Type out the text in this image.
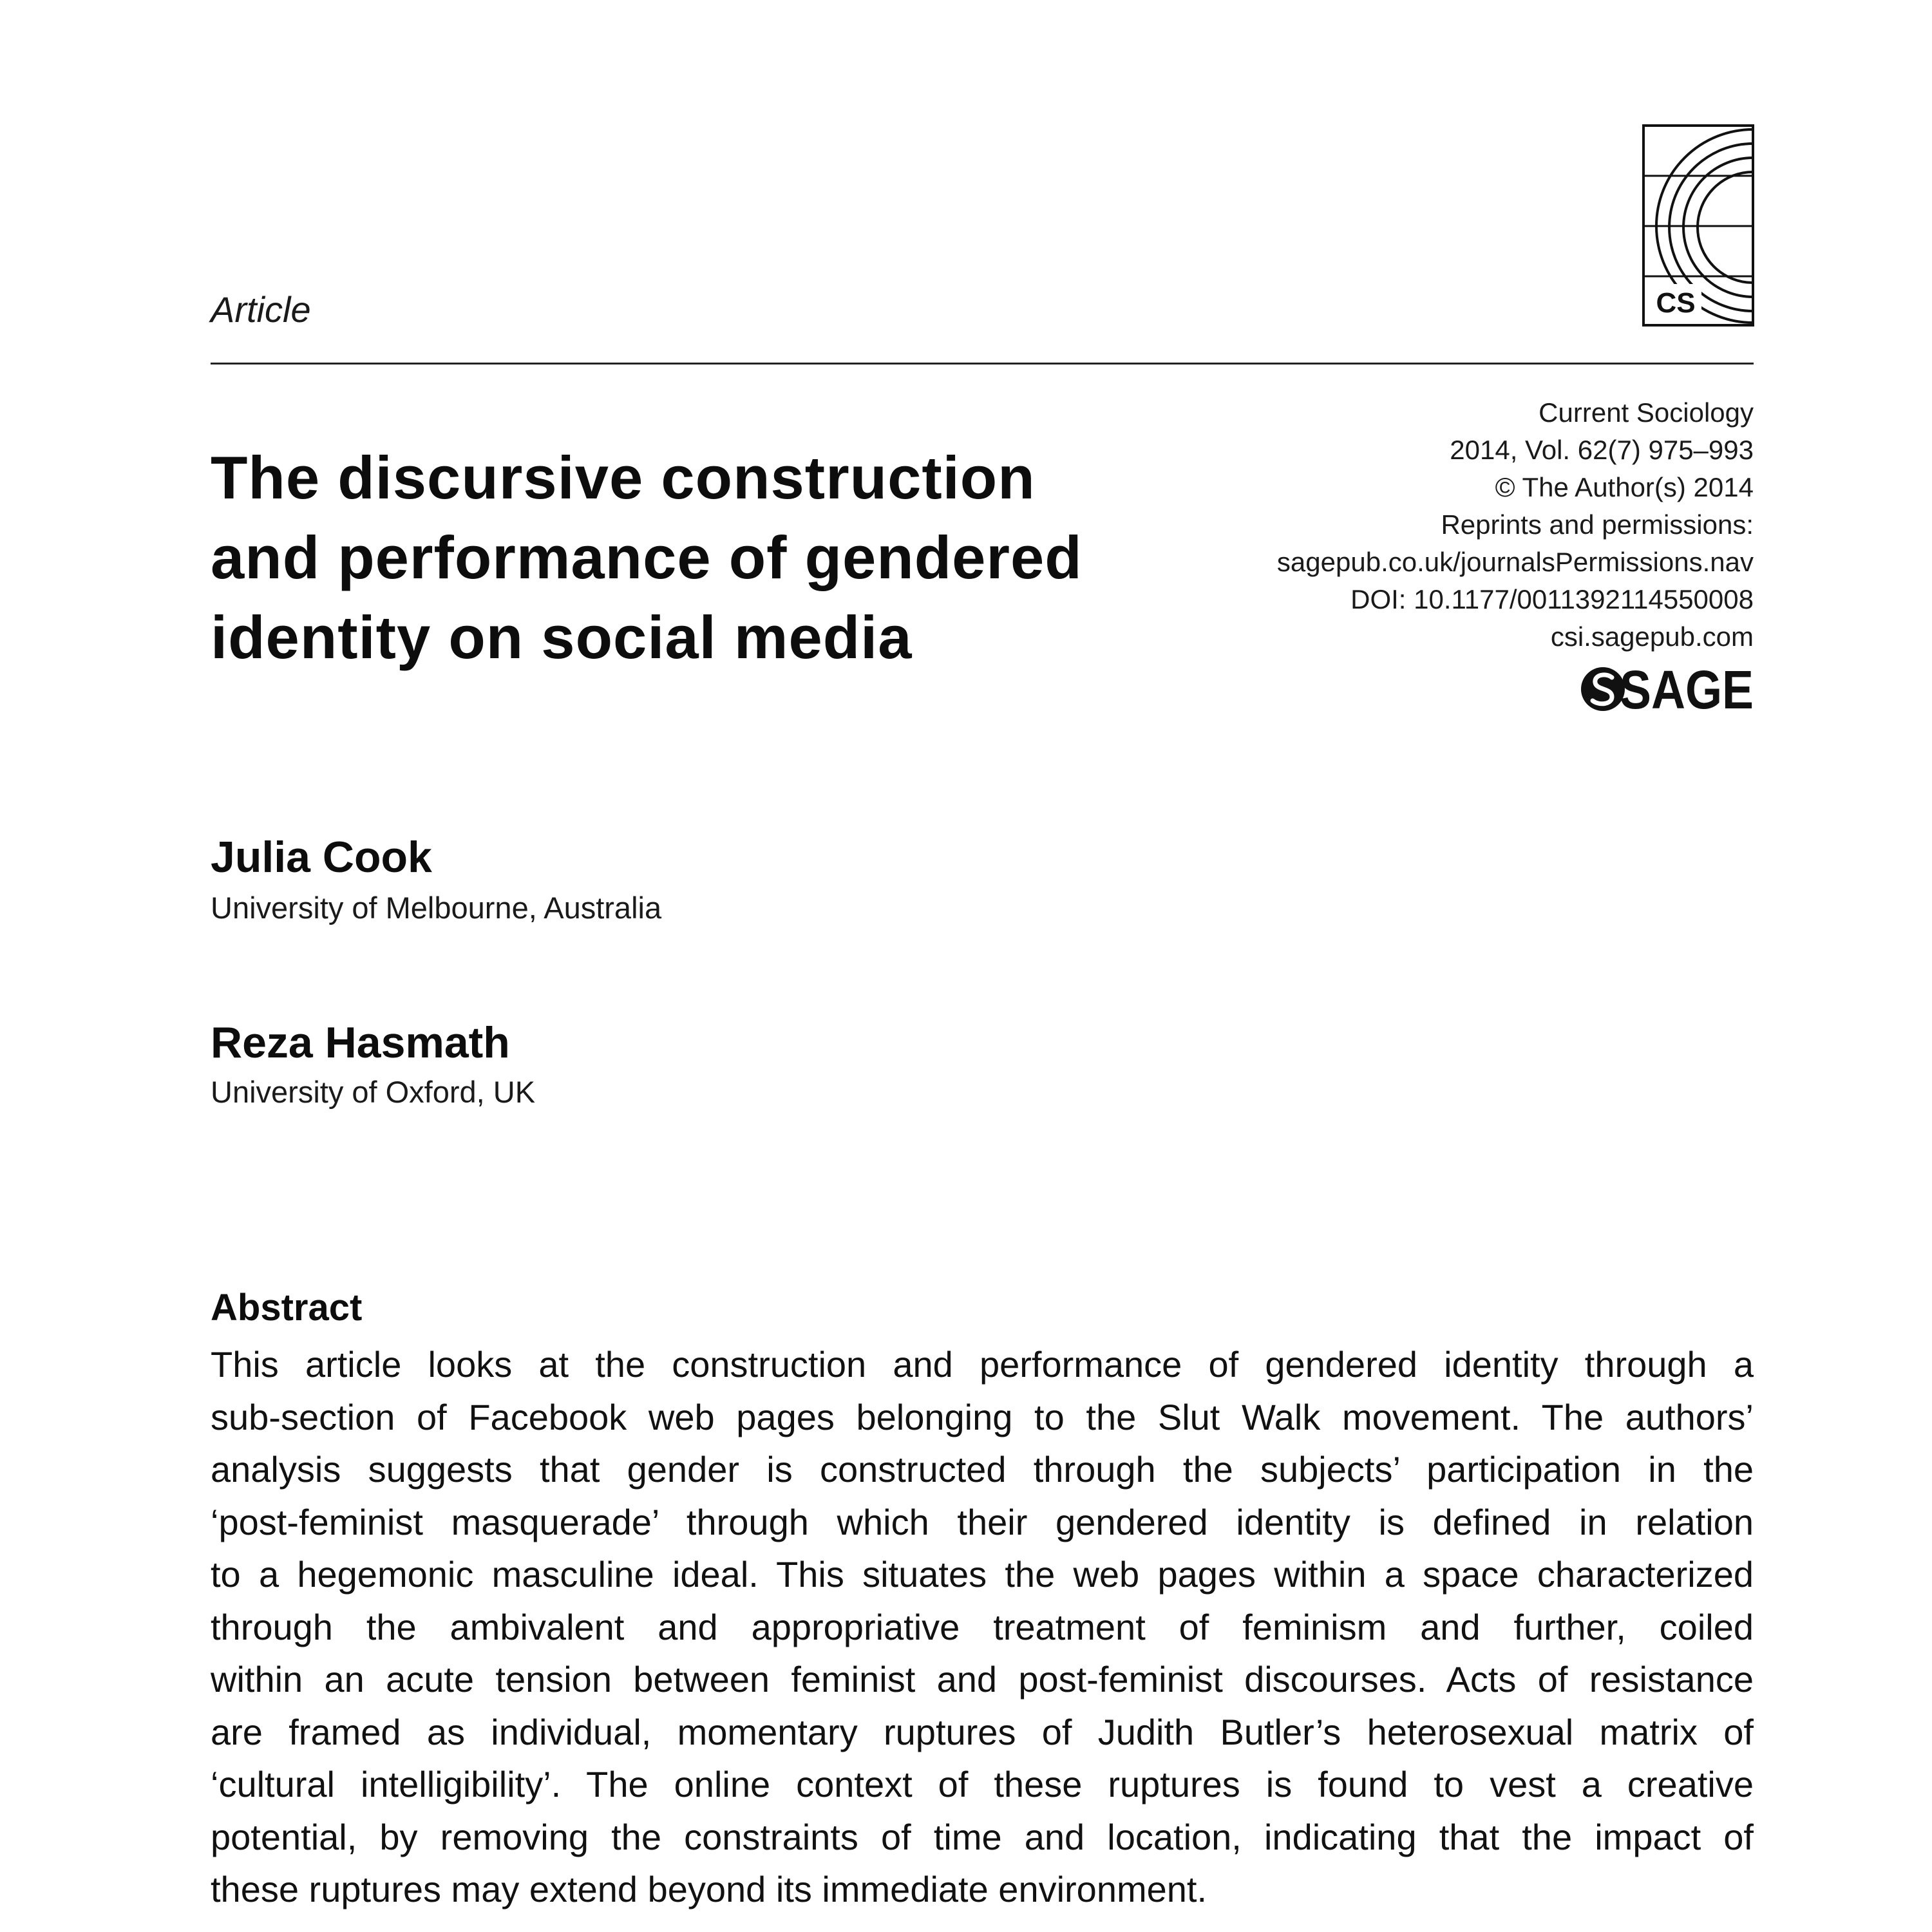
CS
Article
The discursive construction
and performance of gendered
identity on social media
Current Sociology
2014, Vol. 62(7) 975–993
© The Author(s) 2014
Reprints and permissions:
sagepub.co.uk/journalsPermissions.nav
DOI: 10.1177/0011392114550008
csi.sagepub.com
SAGE
Julia Cook
University of Melbourne, Australia
Reza Hasmath
University of Oxford, UK
Abstract
This article looks at the construction and performance of gendered identity through a
sub-section of Facebook web pages belonging to the Slut Walk movement. The authors’
analysis suggests that gender is constructed through the subjects’ participation in the
‘post-feminist masquerade’ through which their gendered identity is defined in relation
to a hegemonic masculine ideal. This situates the web pages within a space characterized
through the ambivalent and appropriative treatment of feminism and further, coiled
within an acute tension between feminist and post-feminist discourses. Acts of resistance
are framed as individual, momentary ruptures of Judith Butler’s heterosexual matrix of
‘cultural intelligibility’. The online context of these ruptures is found to vest a creative
potential, by removing the constraints of time and location, indicating that the impact of
these ruptures may extend beyond its immediate environment.
